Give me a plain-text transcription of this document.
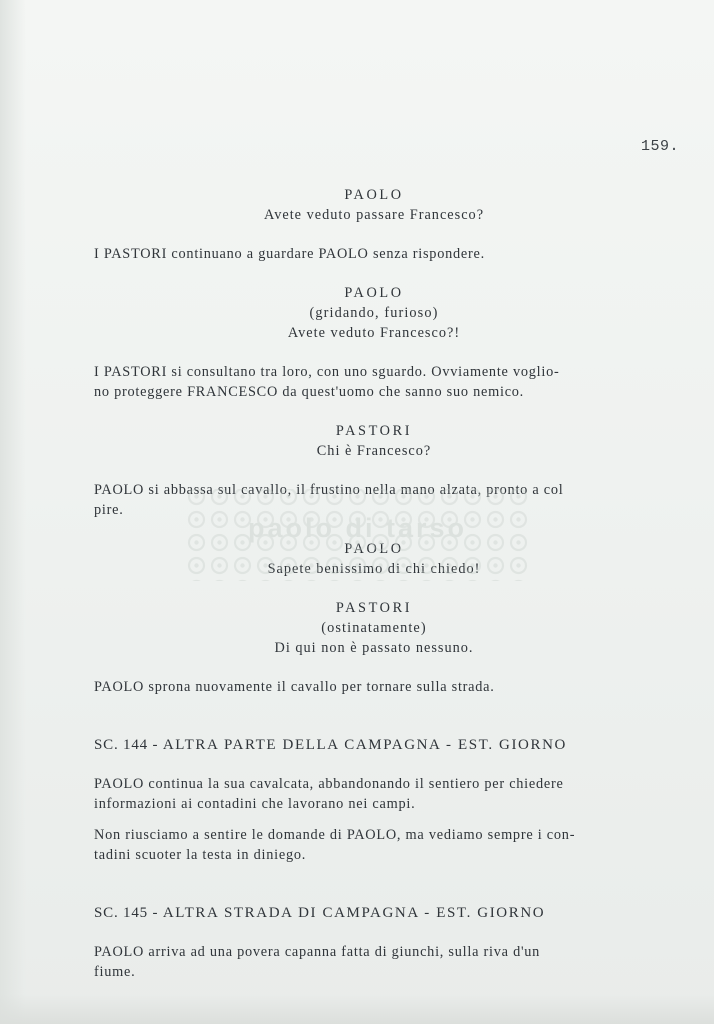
159.
PAOLO
Avete veduto passare Francesco?
I PASTORI continuano a guardare PAOLO senza rispondere.
PAOLO
(gridando, furioso)
Avete veduto Francesco?!
I PASTORI si consultano tra loro, con uno sguardo. Ovviamente voglio-
no proteggere FRANCESCO da quest'uomo che sanno suo nemico.
PASTORI
Chi è Francesco?
PAOLO si abbassa sul cavallo, il frustino nella mano alzata, pronto a col
pire.
PAOLO
Sapete benissimo di chi chiedo!
PASTORI
(ostinatamente)
Di qui non è passato nessuno.
PAOLO sprona nuovamente il cavallo per tornare sulla strada.
SC. 144 - ALTRA PARTE DELLA CAMPAGNA - EST. GIORNO
PAOLO continua la sua cavalcata, abbandonando il sentiero per chiedere
informazioni ai contadini che lavorano nei campi.
Non riusciamo a sentire le domande di PAOLO, ma vediamo sempre i con-
tadini scuoter la testa in diniego.
SC. 145 - ALTRA STRADA DI CAMPAGNA - EST. GIORNO
PAOLO arriva ad una povera capanna fatta di giunchi, sulla riva d'un
fiume.
paolo di tarso
